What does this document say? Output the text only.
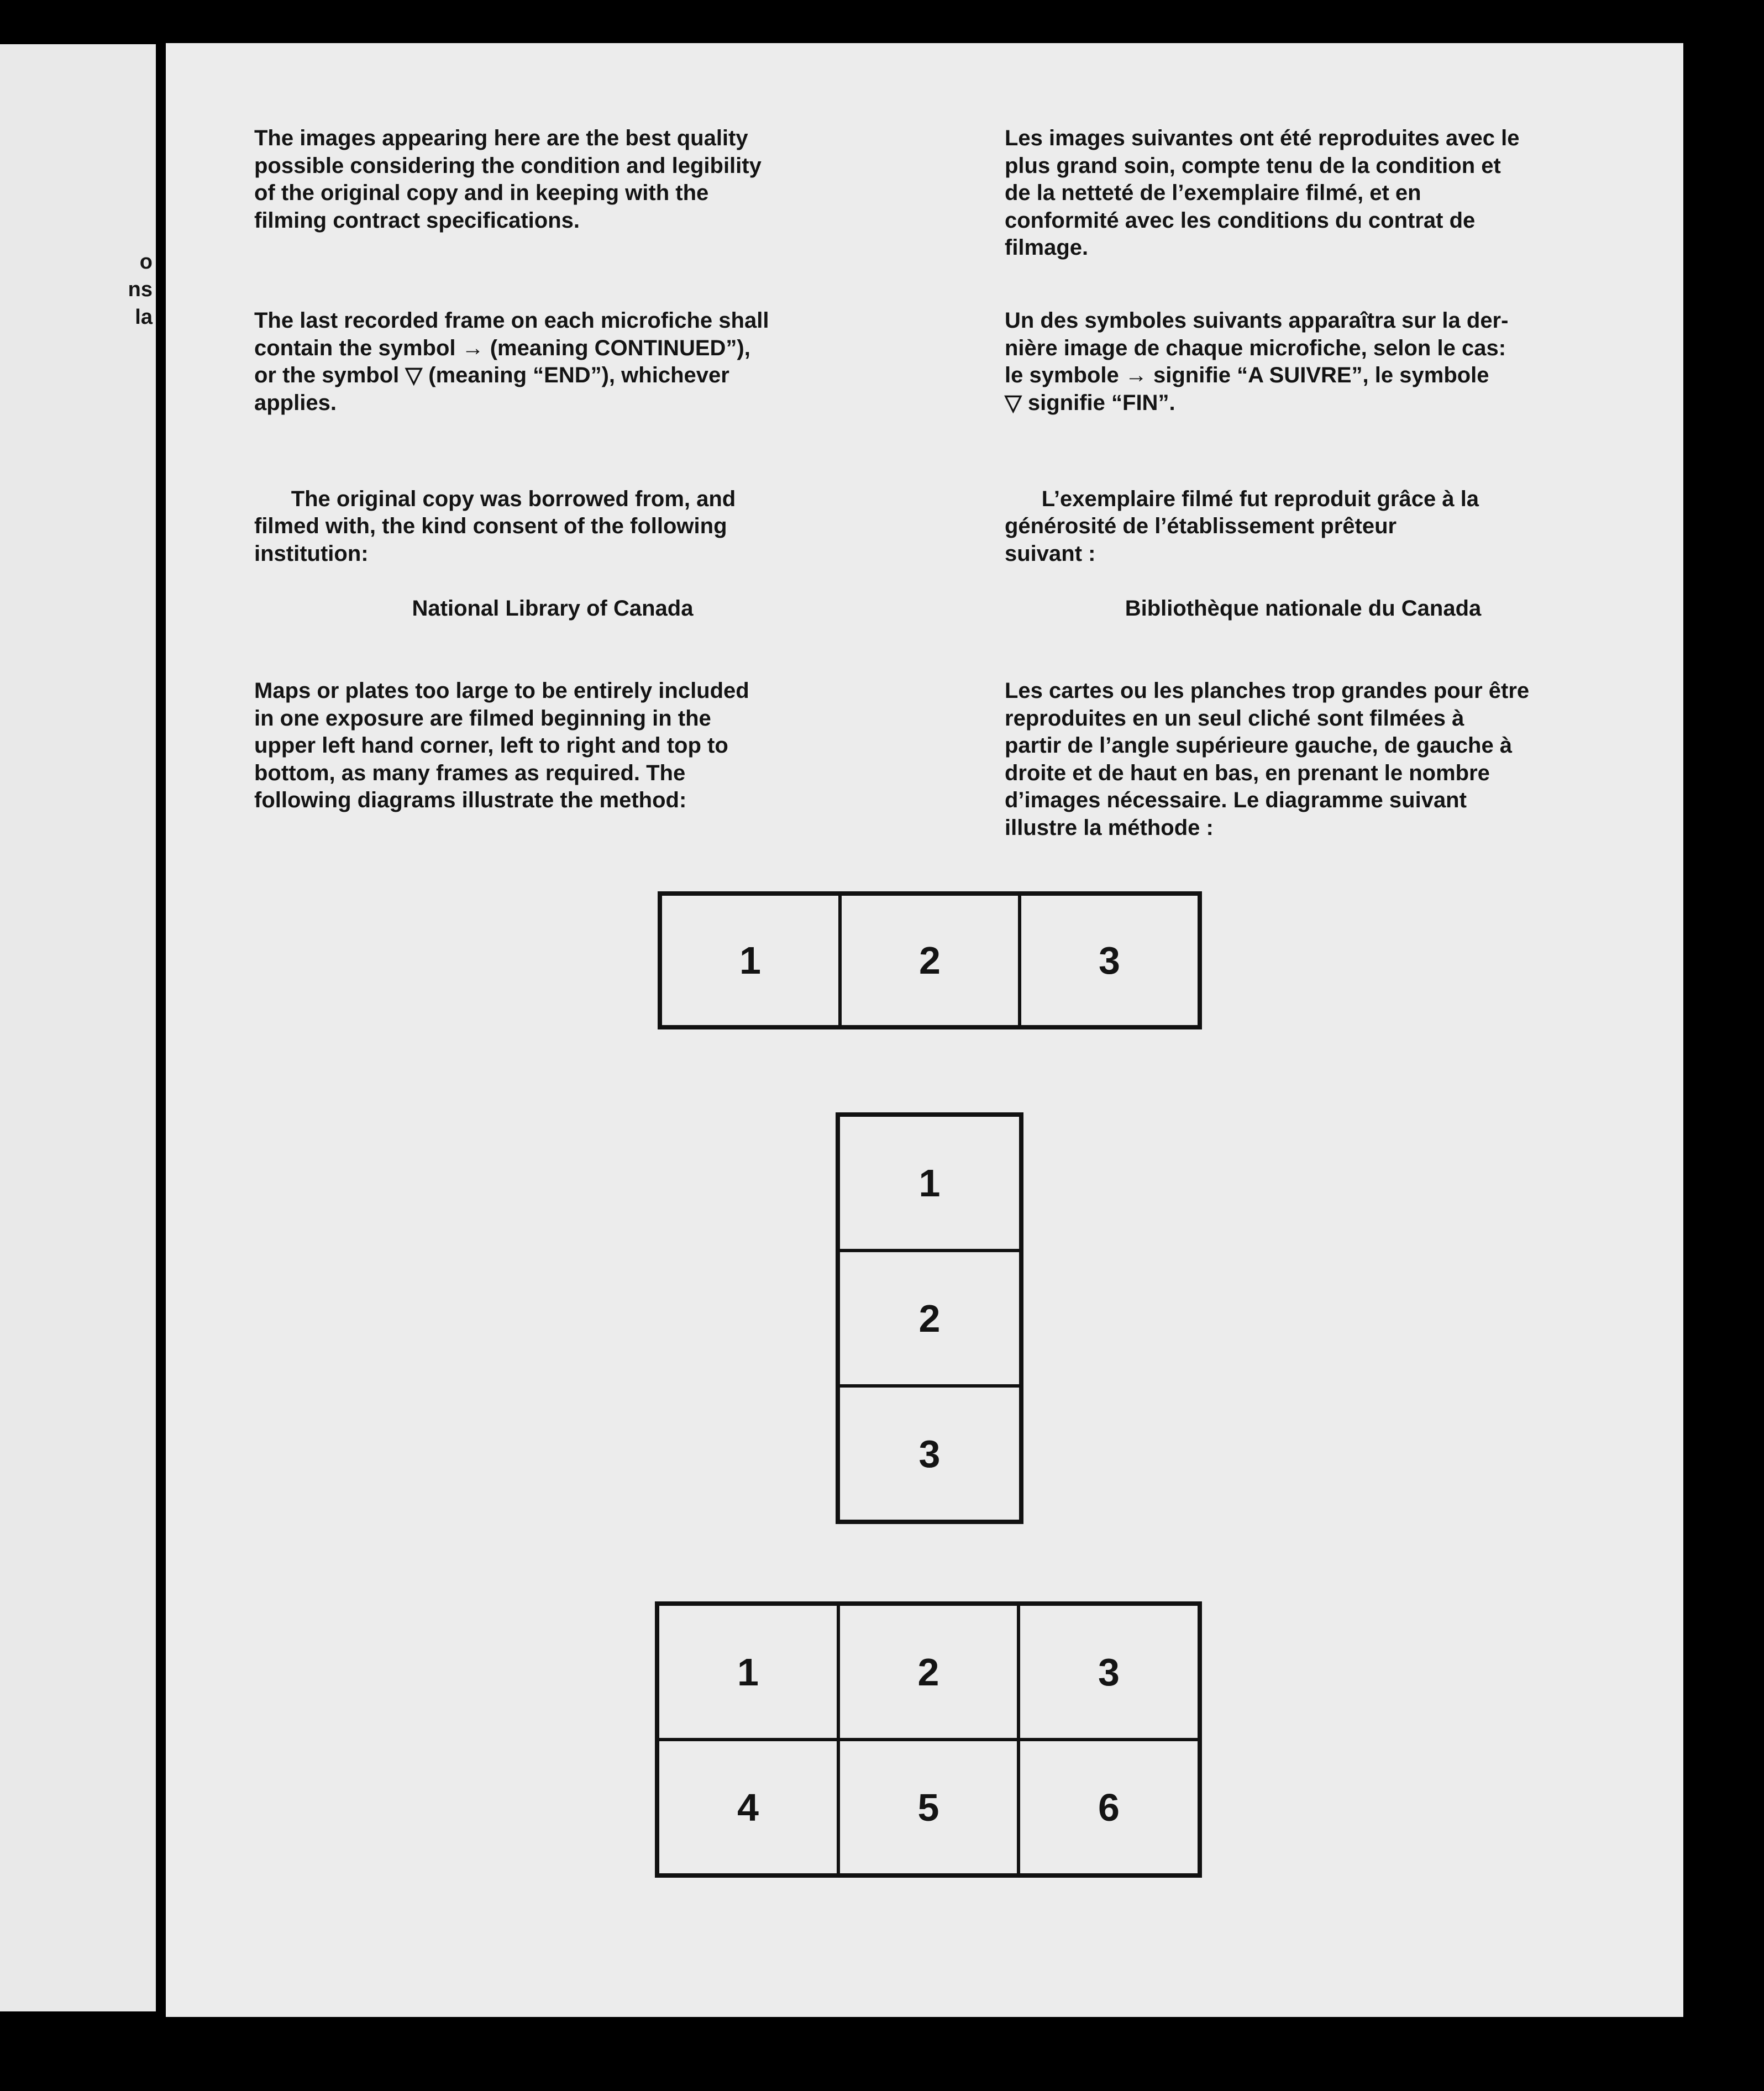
o
ns
la
The images appearing here are the best quality
possible considering the condition and legibility
of the original copy and in keeping with the
filming contract specifications.
The last recorded frame on each microfiche shall
contain the symbol → (meaning CONTINUED”),
or the symbol ▽ (meaning “END”), whichever
applies.

The original copy was borrowed from, and
filmed with, the kind consent of the following
institution:

National Library of Canada

Maps or plates too large to be entirely included
in one exposure are filmed beginning in the
upper left hand corner, left to right and top to
bottom, as many frames as required. The
following diagrams illustrate the method:
Les images suivantes ont été reproduites avec le
plus grand soin, compte tenu de la condition et
de la netteté de l’exemplaire filmé, et en
conformité avec les conditions du contrat de
filmage.
Un des symboles suivants apparaîtra sur la der-
nière image de chaque microfiche, selon le cas:
le symbole → signifie “A SUIVRE”, le symbole
▽ signifie “FIN”.

L’exemplaire filmé fut reproduit grâce à la
générosité de l’établissement prêteur
suivant :

Bibliothèque nationale du Canada

Les cartes ou les planches trop grandes pour être
reproduites en un seul cliché sont filmées à
partir de l’angle supérieure gauche, de gauche à
droite et de haut en bas, en prenant le nombre
d’images nécessaire. Le diagramme suivant
illustre la méthode :
1	2	3
1
2
3
1	2	3
4	5	6
